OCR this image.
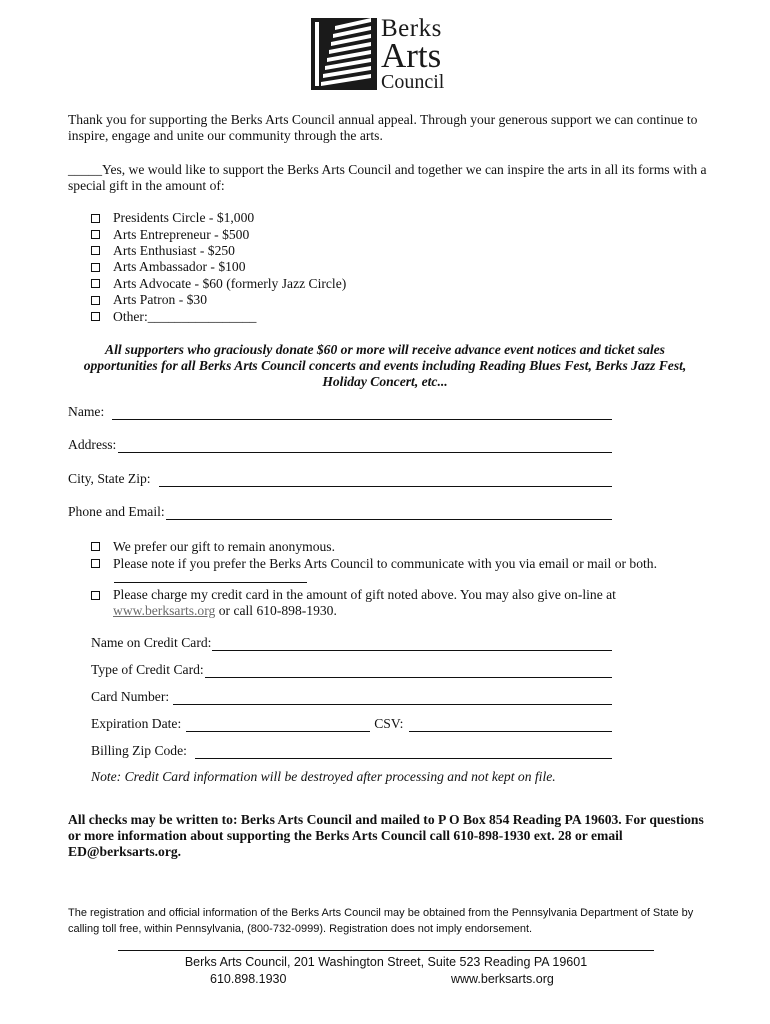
Berks
Arts
Council
Thank you for supporting the Berks Arts Council annual appeal. Through your generous support we can continue to inspire, engage and unite our community through the arts.
_____Yes, we would like to support the Berks Arts Council and together we can inspire the arts in all its forms with a special gift in the amount of:
Presidents Circle - $1,000
Arts Entrepreneur - $500
Arts Enthusiast - $250
Arts Ambassador - $100
Arts Advocate - $60 (formerly Jazz Circle)
Arts Patron - $30
Other:________________
All supporters who graciously donate $60 or more will receive advance event notices and ticket sales opportunities for all Berks Arts Council concerts and events including Reading Blues Fest, Berks Jazz Fest, Holiday Concert, etc...
Name:
Address:
City, State Zip:
Phone and Email:
We prefer our gift to remain anonymous.
Please note if you prefer the Berks Arts Council to communicate with you via email or mail or both.
Please charge my credit card in the amount of gift noted above. You may also give on-line at
www.berksarts.org or call 610-898-1930.
Name on Credit Card:
Type of Credit Card:
Card Number:
Expiration Date:	CSV:
Billing Zip Code:
Note: Credit Card information will be destroyed after processing and not kept on file.
All checks may be written to: Berks Arts Council and mailed to P O Box 854 Reading PA 19603. For questions or more information about supporting the Berks Arts Council call 610-898-1930 ext. 28 or email ED@berksarts.org.
The registration and official information of the Berks Arts Council may be obtained from the Pennsylvania Department of State by calling toll free, within Pennsylvania, (800-732-0999). Registration does not imply endorsement.
Berks Arts Council, 201 Washington Street, Suite 523 Reading PA 19601
610.898.1930	www.berksarts.org
